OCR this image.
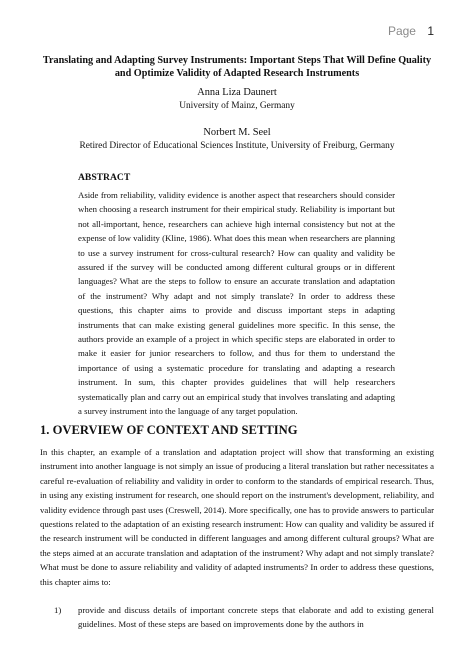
Page 1
Translating and Adapting Survey Instruments: Important Steps That Will Define Quality and Optimize Validity of Adapted Research Instruments
Anna Liza Daunert
University of Mainz, Germany
Norbert M. Seel
Retired Director of Educational Sciences Institute, University of Freiburg, Germany
ABSTRACT
Aside from reliability, validity evidence is another aspect that researchers should consider when choosing a research instrument for their empirical study. Reliability is important but not all-important, hence, researchers can achieve high internal consistency but not at the expense of low validity (Kline, 1986). What does this mean when researchers are planning to use a survey instrument for cross-cultural research? How can quality and validity be assured if the survey will be conducted among different cultural groups or in different languages? What are the steps to follow to ensure an accurate translation and adaptation of the instrument? Why adapt and not simply translate? In order to address these questions, this chapter aims to provide and discuss important steps in adapting instruments that can make existing general guidelines more specific. In this sense, the authors provide an example of a project in which specific steps are elaborated in order to make it easier for junior researchers to follow, and thus for them to understand the importance of using a systematic procedure for translating and adapting a research instrument. In sum, this chapter provides guidelines that will help researchers systematically plan and carry out an empirical study that involves translating and adapting a survey instrument into the language of any target population.
1. OVERVIEW OF CONTEXT AND SETTING
In this chapter, an example of a translation and adaptation project will show that transforming an existing instrument into another language is not simply an issue of producing a literal translation but rather necessitates a careful re-evaluation of reliability and validity in order to conform to the standards of empirical research. Thus, in using any existing instrument for research, one should report on the instrument's development, reliability, and validity evidence through past uses (Creswell, 2014). More specifically, one has to provide answers to particular questions related to the adaptation of an existing research instrument: How can quality and validity be assured if the research instrument will be conducted in different languages and among different cultural groups? What are the steps aimed at an accurate translation and adaptation of the instrument? Why adapt and not simply translate? What must be done to assure reliability and validity of adapted instruments? In order to address these questions, this chapter aims to:
1) provide and discuss details of important concrete steps that elaborate and add to existing general guidelines. Most of these steps are based on improvements done by the authors in
